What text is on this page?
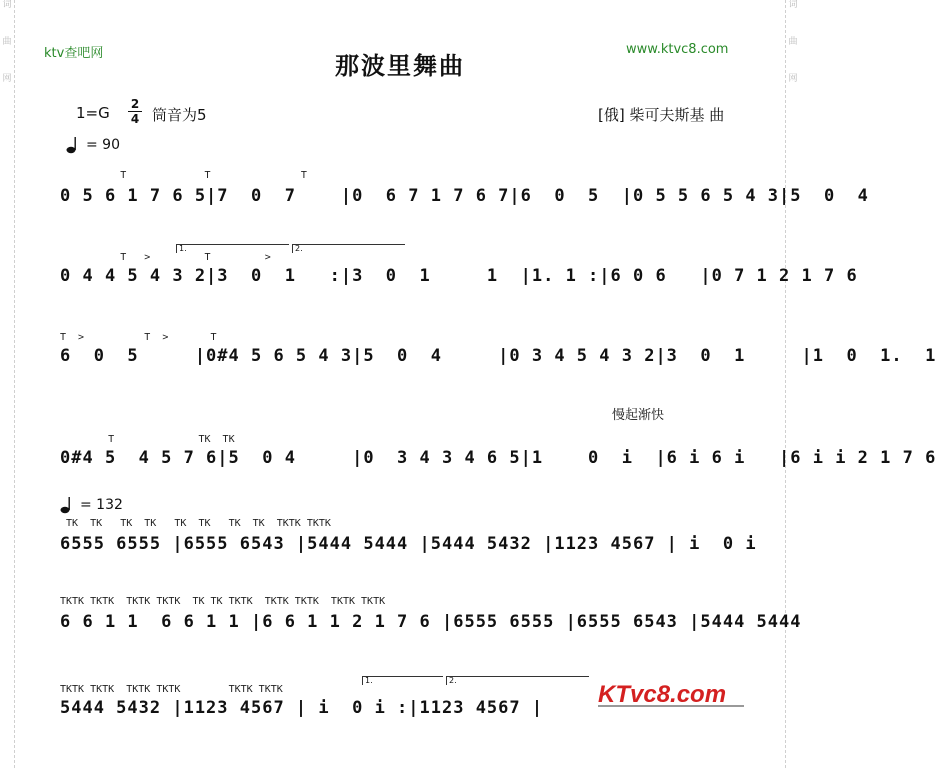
词
曲
网
词
曲
网
ktv查吧网	www.ktvc8.com
那波里舞曲
1=G 2
4 筒音为5	[俄] 柴可夫斯基 曲
= 90
T             T               T
0 5 6 1 7 6 5|7  0  7    |0  6 7 1 7 6 7|6  0  5  |0 5 5 6 5 4 3|5  0  4
1.	2.
T   >         T         >
0 4 4 5 4 3 2|3  0  1   :|3  0  1     1  |1. 1 :|6 0 6   |0 7 1 2 1 7 6
T  >          T  >       T
6  0  5     |0#4 5 6 5 4 3|5  0  4     |0 3 4 5 4 3 2|3  0  1     |1  0  1.  1
慢起渐快
T              TK  TK
0#4 5  4 5 7 6|5  0 4     |0  3 4 3 4 6 5|1    0  i  |6 i 6 i   |6 i i 2 1 7 6
= 132
TK  TK   TK  TK   TK  TK   TK  TK  TKTK TKTK
6555 6555 |6555 6543 |5444 5444 |5444 5432 |1123 4567 | i  0 i
TKTK TKTK  TKTK TKTK  TK TK TKTK  TKTK TKTK  TKTK TKTK
6 6 1 1  6 6 1 1 |6 6 1 1 2 1 7 6 |6555 6555 |6555 6543 |5444 5444
1.	2.
TKTK TKTK  TKTK TKTK        TKTK TKTK
5444 5432 |1123 4567 | i  0 i :|1123 4567 |	KTvc8.com
